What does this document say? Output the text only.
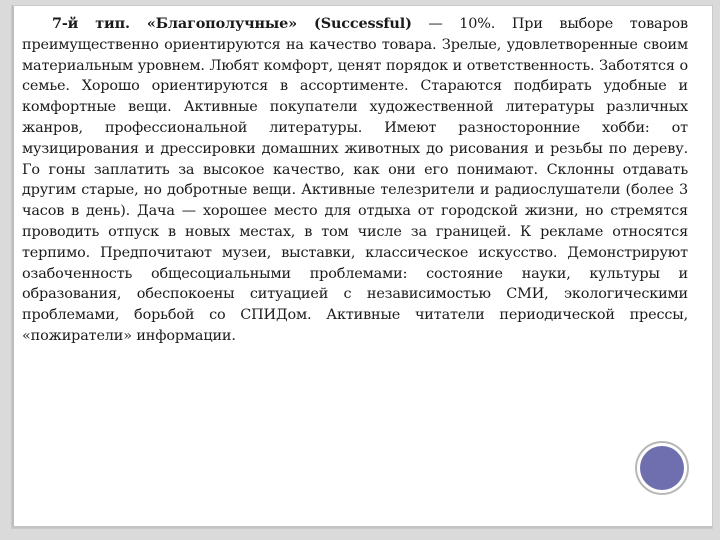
7-й тип. «Благополучные» (Successful) — 10%. При выборе товаров преимущественно ориентируются на качество товара. Зрелые, удовлетворенные своим материальным уровнем. Любят комфорт, ценят порядок и ответственность. Заботятся о семье. Хорошо ориентируются в ассортименте. Стараются подбирать удобные и комфортные вещи. Активные покупатели художественной литературы различных жанров, профессиональной литературы. Имеют разносторонние хобби: от музицирования и дрессировки домашних животных до рисования и резьбы по дереву. Го гоны заплатить за высокое качество, как они его понимают. Склонны отдавать другим старые, но добротные вещи. Активные телезрители и радиослушатели (более 3 часов в день). Дача — хорошее место для отдыха от городской жизни, но стремятся проводить отпуск в новых местах, в том числе за границей. К рекламе относятся терпимо. Предпочитают музеи, выставки, классическое искусство. Демонстрируют озабоченность общесоциальными проблемами: состояние науки, культуры и образования, обеспокоены ситуацией с независимостью СМИ, экологическими проблемами, борьбой со СПИДом. Активные читатели периодической прессы, «пожиратели» информации.
